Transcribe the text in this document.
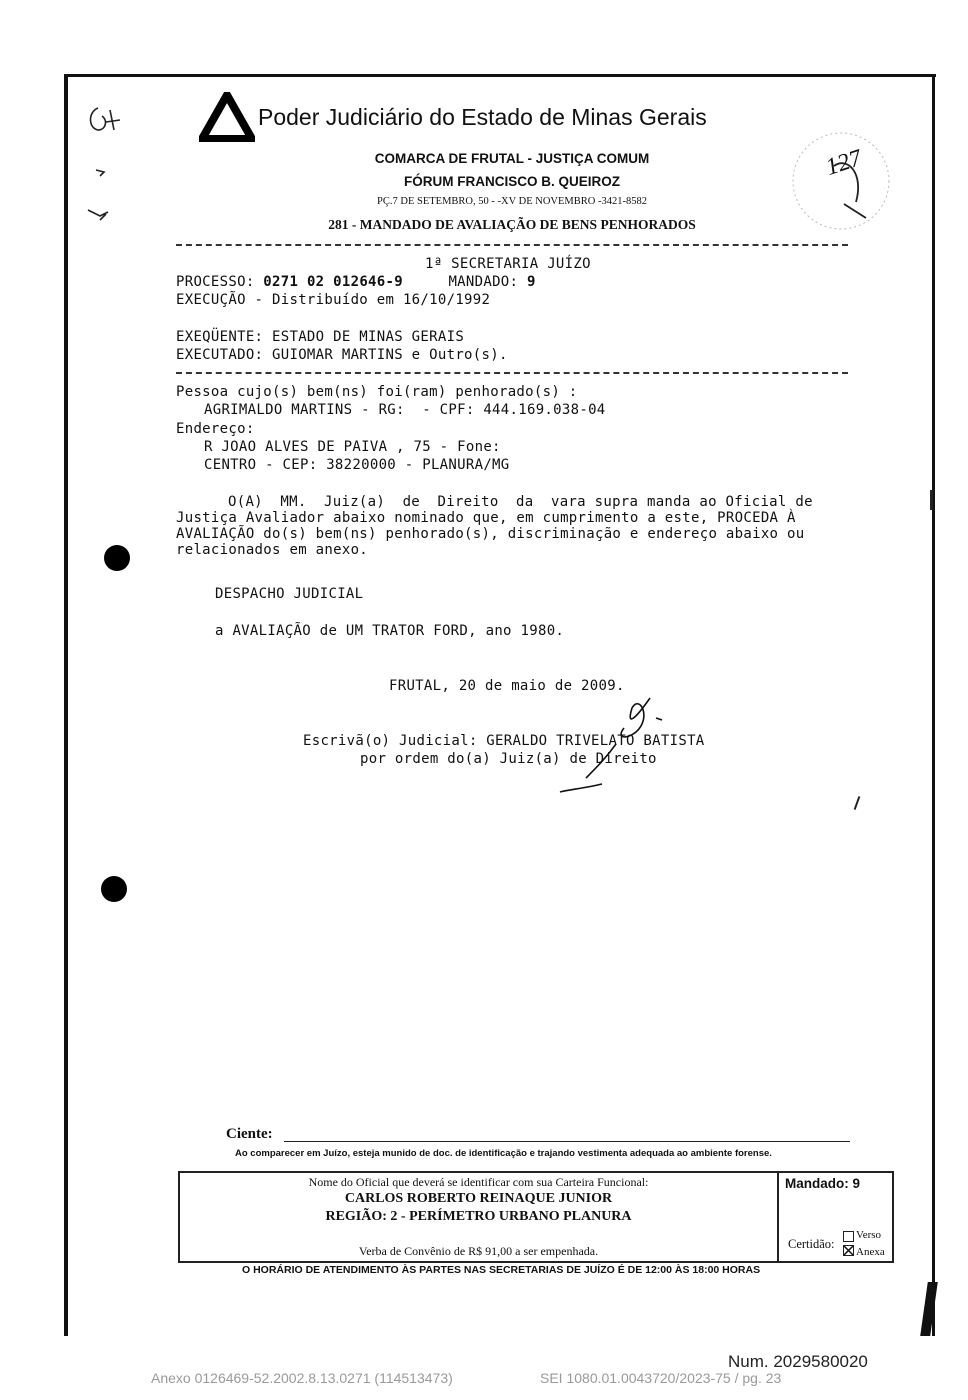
Poder Judiciário do Estado de Minas Gerais
127
COMARCA DE FRUTAL - JUSTIÇA COMUM
FÓRUM FRANCISCO B. QUEIROZ
PÇ.7 DE SETEMBRO, 50 - -XV DE NOVEMBRO -3421-8582
281 - MANDADO DE AVALIAÇÃO DE BENS PENHORADOS
1ª SECRETARIA JUÍZO
PROCESSO: 0271 02 012646-9	MANDADO: 9
EXECUÇÃO - Distribuído em 16/10/1992
EXEQÜENTE: ESTADO DE MINAS GERAIS
EXECUTADO: GUIOMAR MARTINS e Outro(s).
Pessoa cujo(s) bem(ns) foi(ram) penhorado(s) :
AGRIMALDO MARTINS - RG:  - CPF: 444.169.038-04
Endereço:
R JOAO ALVES DE PAIVA , 75 - Fone:
CENTRO - CEP: 38220000 - PLANURA/MG
O(A)  MM.  Juiz(a)  de  Direito  da  vara supra manda ao Oficial de
Justiça Avaliador abaixo nominado que, em cumprimento a este, PROCEDA À
AVALIAÇÃO do(s) bem(ns) penhorado(s), discriminação e endereço abaixo ou
relacionados em anexo.
DESPACHO JUDICIAL
a AVALIAÇÃO de UM TRATOR FORD, ano 1980.
FRUTAL, 20 de maio de 2009.
Escrivã(o) Judicial: GERALDO TRIVELATO BATISTA
por ordem do(a) Juiz(a) de Direito
Ciente:
Ao comparecer em Juízo, esteja munido de doc. de identificação e trajando vestimenta adequada ao ambiente forense.
Nome do Oficial que deverá se identificar com sua Carteira Funcional:
CARLOS ROBERTO REINAQUE JUNIOR
REGIÃO: 2 - PERÍMETRO URBANO PLANURA
Verba de Convênio de R$ 91,00 a ser empenhada.
Mandado: 9
Certidão:
Verso
Anexa
O HORÁRIO DE ATENDIMENTO ÀS PARTES NAS SECRETARIAS DE JUÍZO É DE 12:00 ÀS 18:00 HORAS
Num. 2029580020
Anexo 0126469-52.2002.8.13.0271 (114513473)	SEI 1080.01.0043720/2023-75 / pg. 23
